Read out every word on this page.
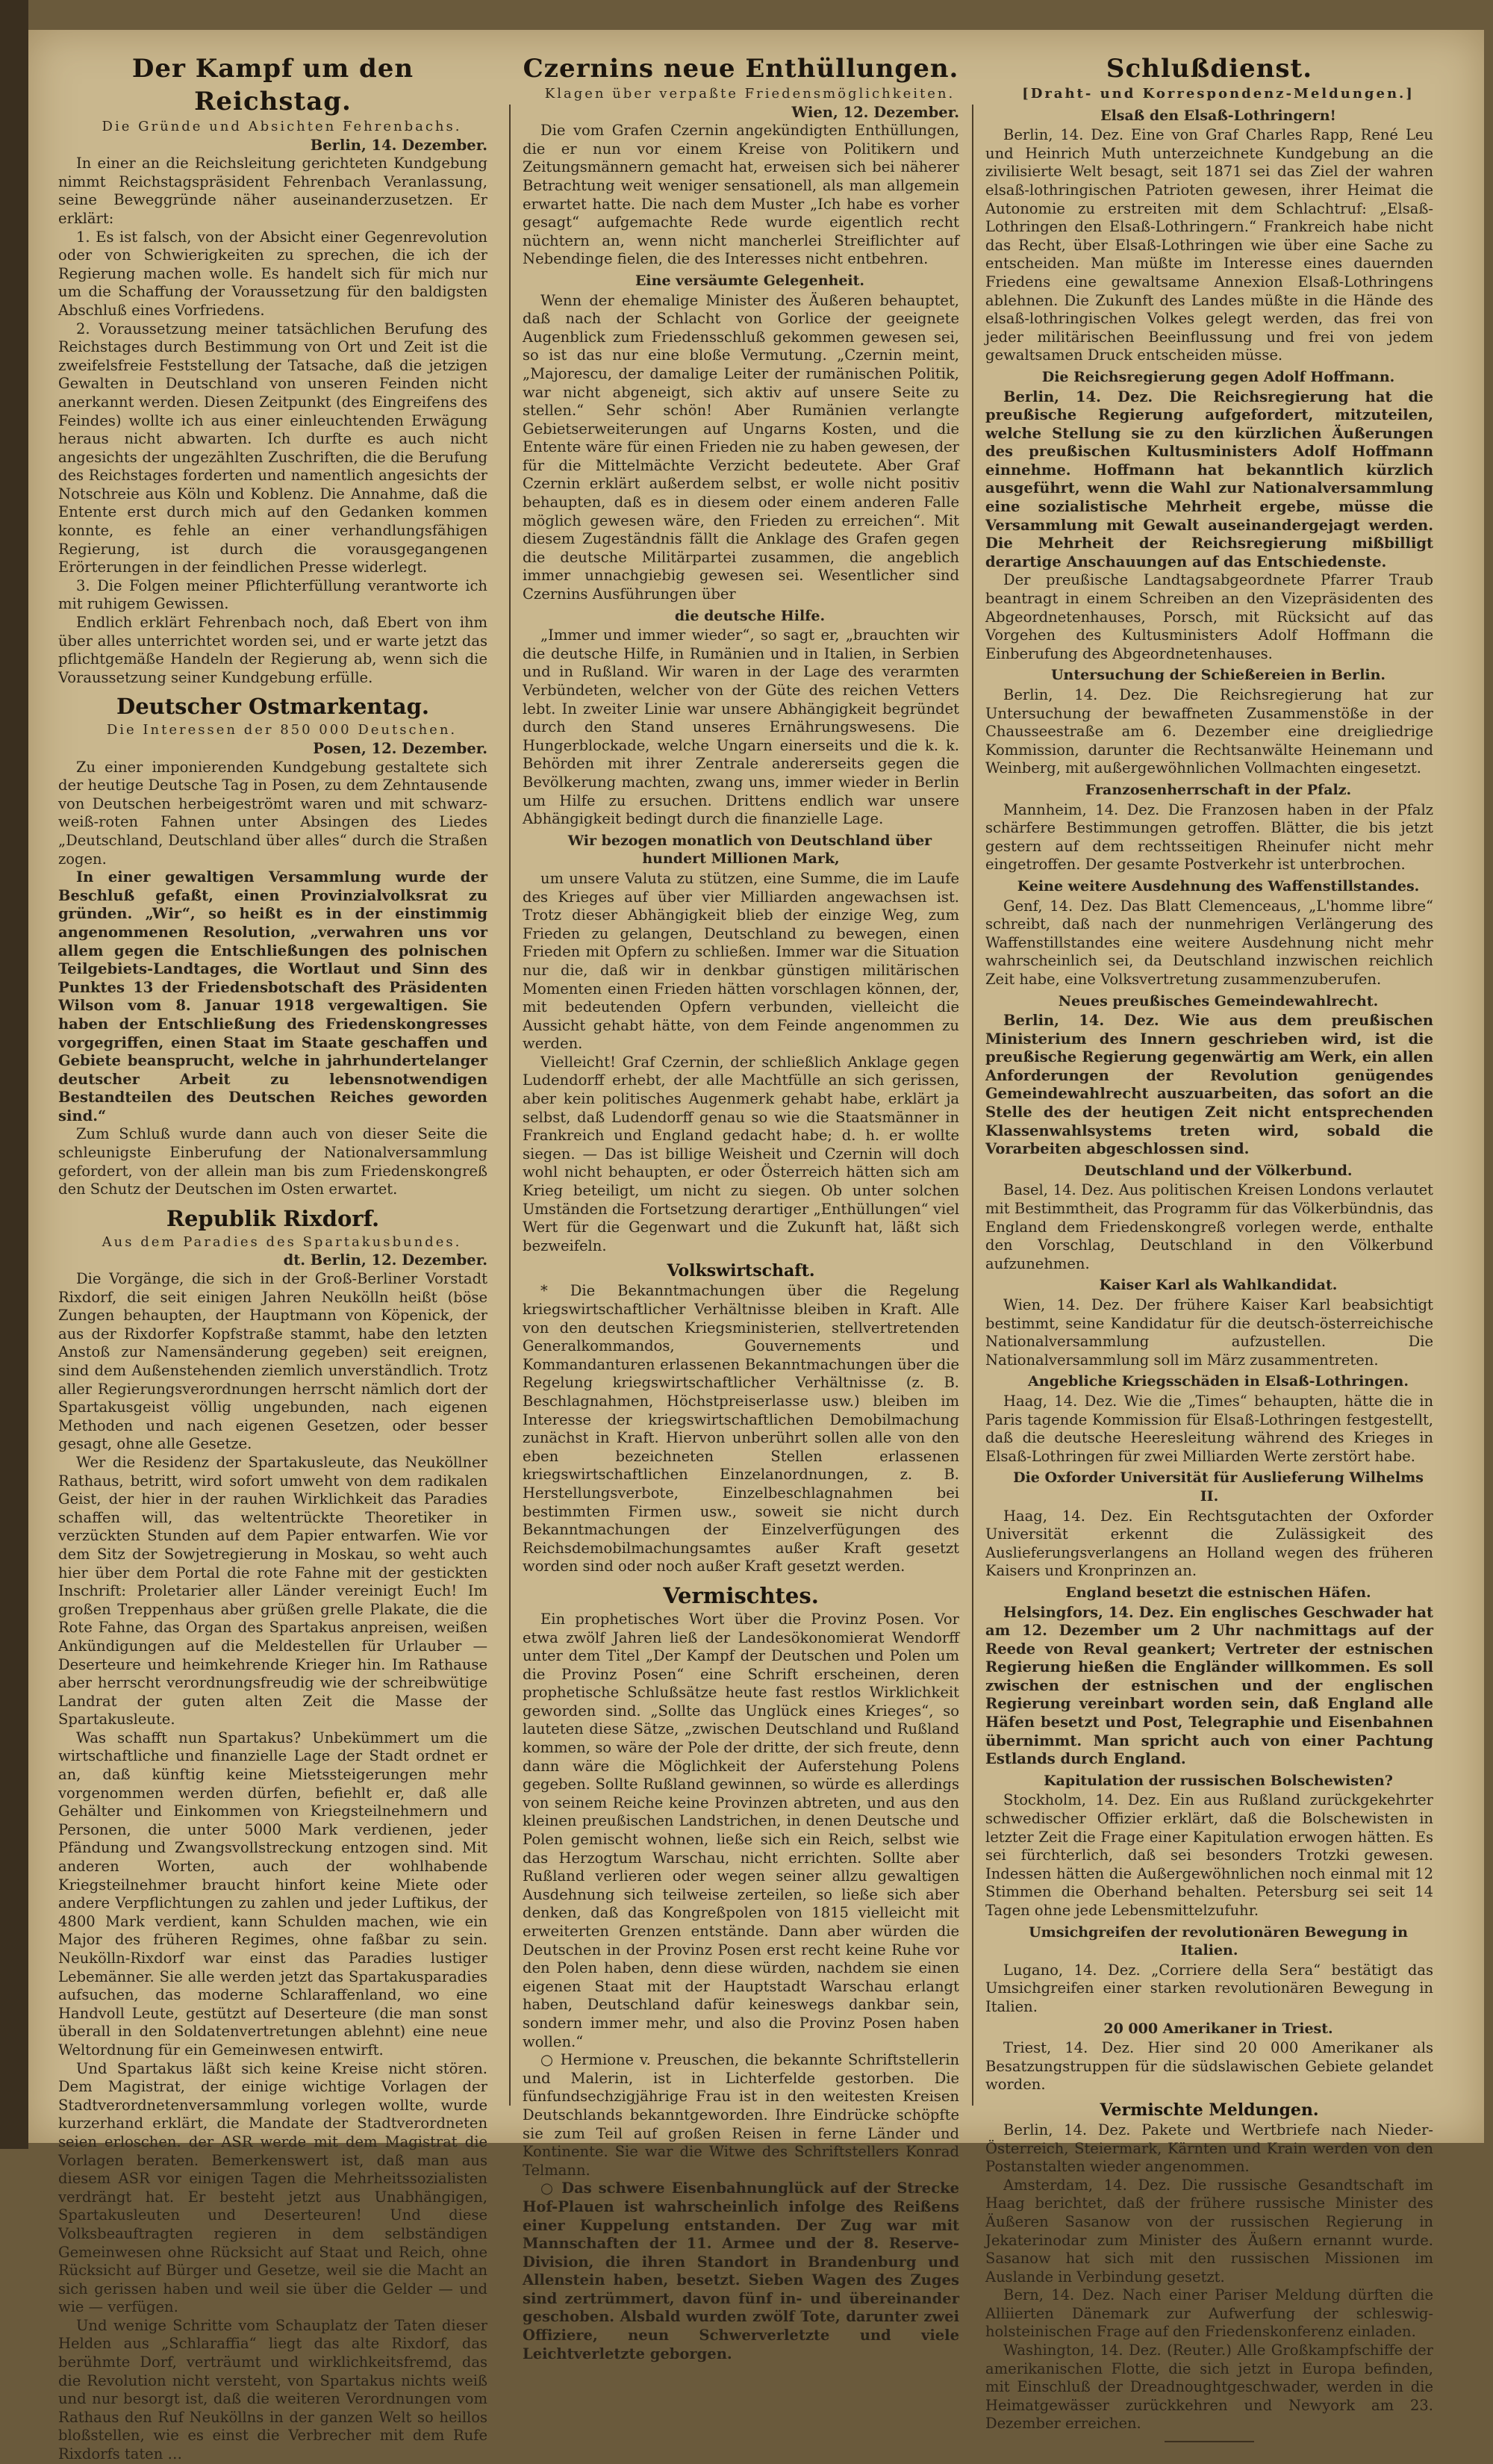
Der Kampf um den Reichstag.

Die Gründe und Absichten Fehrenbachs.

Berlin, 14. Dezember.

In einer an die Reichsleitung gerichteten Kundgebung nimmt Reichstagspräsident Fehrenbach Veranlassung, seine Beweggründe näher auseinanderzusetzen. Er erklärt:

1. Es ist falsch, von der Absicht einer Gegenrevolution oder von Schwierigkeiten zu sprechen, die ich der Regierung machen wolle. Es handelt sich für mich nur um die Schaffung der Voraussetzung für den baldigsten Abschluß eines Vorfriedens.

2. Voraussetzung meiner tatsächlichen Berufung des Reichstages durch Bestimmung von Ort und Zeit ist die zweifelsfreie Feststellung der Tatsache, daß die jetzigen Gewalten in Deutschland von unseren Feinden nicht anerkannt werden. Diesen Zeitpunkt (des Eingreifens des Feindes) wollte ich aus einer einleuchtenden Erwägung heraus nicht abwarten. Ich durfte es auch nicht angesichts der ungezählten Zuschriften, die die Berufung des Reichstages forderten und namentlich angesichts der Notschreie aus Köln und Koblenz. Die Annahme, daß die Entente erst durch mich auf den Gedanken kommen konnte, es fehle an einer verhandlungsfähigen Regierung, ist durch die vorausgegangenen Erörterungen in der feindlichen Presse widerlegt.

3. Die Folgen meiner Pflichterfüllung verantworte ich mit ruhigem Gewissen.

Endlich erklärt Fehrenbach noch, daß Ebert von ihm über alles unterrichtet worden sei, und er warte jetzt das pflichtgemäße Handeln der Regierung ab, wenn sich die Voraussetzung seiner Kundgebung erfülle.

Deutscher Ostmarkentag.

Die Interessen der 850 000 Deutschen.

Posen, 12. Dezember.

Zu einer imponierenden Kundgebung gestaltete sich der heutige Deutsche Tag in Posen, zu dem Zehntausende von Deutschen herbeigeströmt waren und mit schwarz-weiß-roten Fahnen unter Absingen des Liedes „Deutschland, Deutschland über alles“ durch die Straßen zogen.

In einer gewaltigen Versammlung wurde der Beschluß gefaßt, einen Provinzialvolksrat zu gründen. „Wir“, so heißt es in der einstimmig angenommenen Resolution, „verwahren uns vor allem gegen die Entschließungen des polnischen Teilgebiets-Landtages, die Wortlaut und Sinn des Punktes 13 der Friedensbotschaft des Präsidenten Wilson vom 8. Januar 1918 vergewaltigen. Sie haben der Entschließung des Friedenskongresses vorgegriffen, einen Staat im Staate geschaffen und Gebiete beansprucht, welche in jahrhundertelanger deutscher Arbeit zu lebensnotwendigen Bestandteilen des Deutschen Reiches geworden sind.“

Zum Schluß wurde dann auch von dieser Seite die schleunigste Einberufung der Nationalversammlung gefordert, von der allein man bis zum Friedenskongreß den Schutz der Deutschen im Osten erwartet.

Republik Rixdorf.

Aus dem Paradies des Spartakusbundes.

dt. Berlin, 12. Dezember.

Die Vorgänge, die sich in der Groß-Berliner Vorstadt Rixdorf, die seit einigen Jahren Neukölln heißt (böse Zungen behaupten, der Hauptmann von Köpenick, der aus der Rixdorfer Kopfstraße stammt, habe den letzten Anstoß zur Namensänderung gegeben) seit ereignen, sind dem Außenstehenden ziemlich unverständlich. Trotz aller Regierungsverordnungen herrscht nämlich dort der Spartakusgeist völlig ungebunden, nach eigenen Methoden und nach eigenen Gesetzen, oder besser gesagt, ohne alle Gesetze.

Wer die Residenz der Spartakusleute, das Neuköllner Rathaus, betritt, wird sofort umweht von dem radikalen Geist, der hier in der rauhen Wirklichkeit das Paradies schaffen will, das weltentrückte Theoretiker in verzückten Stunden auf dem Papier entwarfen. Wie vor dem Sitz der Sowjetregierung in Moskau, so weht auch hier über dem Portal die rote Fahne mit der gestickten Inschrift: Proletarier aller Länder vereinigt Euch! Im großen Treppenhaus aber grüßen grelle Plakate, die die Rote Fahne, das Organ des Spartakus anpreisen, weißen Ankündigungen auf die Meldestellen für Urlauber — Deserteure und heimkehrende Krieger hin. Im Rathause aber herrscht verordnungsfreudig wie der schreibwütige Landrat der guten alten Zeit die Masse der Spartakusleute.

Was schafft nun Spartakus? Unbekümmert um die wirtschaftliche und finanzielle Lage der Stadt ordnet er an, daß künftig keine Mietssteigerungen mehr vorgenommen werden dürfen, befiehlt er, daß alle Gehälter und Einkommen von Kriegsteilnehmern und Personen, die unter 5000 Mark verdienen, jeder Pfändung und Zwangsvollstreckung entzogen sind. Mit anderen Worten, auch der wohlhabende Kriegsteilnehmer braucht hinfort keine Miete oder andere Verpflichtungen zu zahlen und jeder Luftikus, der 4800 Mark verdient, kann Schulden machen, wie ein Major des früheren Regimes, ohne faßbar zu sein. Neukölln-Rixdorf war einst das Paradies lustiger Lebemänner. Sie alle werden jetzt das Spartakusparadies aufsuchen, das moderne Schlaraffenland, wo eine Handvoll Leute, gestützt auf Deserteure (die man sonst überall in den Soldatenvertretungen ablehnt) eine neue Weltordnung für ein Gemeinwesen entwirft.

Und Spartakus läßt sich keine Kreise nicht stören. Dem Magistrat, der einige wichtige Vorlagen der Stadtverordnetenversammlung vorlegen wollte, wurde kurzerhand erklärt, die Mandate der Stadtverordneten seien erloschen. der ASR werde mit dem Magistrat die Vorlagen beraten. Bemerkenswert ist, daß man aus diesem ASR vor einigen Tagen die Mehrheitssozialisten verdrängt hat. Er besteht jetzt aus Unabhängigen, Spartakusleuten und Deserteuren! Und diese Volksbeauftragten regieren in dem selbständigen Gemeinwesen ohne Rücksicht auf Staat und Reich, ohne Rücksicht auf Bürger und Gesetze, weil sie die Macht an sich gerissen haben und weil sie über die Gelder — und wie — verfügen.

Und wenige Schritte vom Schauplatz der Taten dieser Helden aus „Schlaraffia“ liegt das alte Rixdorf, das berühmte Dorf, verträumt und wirklichkeitsfremd, das die Revolution nicht versteht, von Spartakus nichts weiß und nur besorgt ist, daß die weiteren Verordnungen vom Rathaus den Ruf Neuköllns in der ganzen Welt so heillos bloßstellen, wie es einst die Verbrecher mit dem Rufe Rixdorfs taten …

Czernins neue Enthüllungen.

Klagen über verpaßte Friedensmöglichkeiten.

Wien, 12. Dezember.

Die vom Grafen Czernin angekündigten Enthüllungen, die er nun vor einem Kreise von Politikern und Zeitungsmännern gemacht hat, erweisen sich bei näherer Betrachtung weit weniger sensationell, als man allgemein erwartet hatte. Die nach dem Muster „Ich habe es vorher gesagt“ aufgemachte Rede wurde eigentlich recht nüchtern an, wenn nicht mancherlei Streiflichter auf Nebendinge fielen, die des Interesses nicht entbehren.

Eine versäumte Gelegenheit.

Wenn der ehemalige Minister des Äußeren behauptet, daß nach der Schlacht von Gorlice der geeignete Augenblick zum Friedensschluß gekommen gewesen sei, so ist das nur eine bloße Vermutung. „Czernin meint, „Majorescu, der damalige Leiter der rumänischen Politik, war nicht abgeneigt, sich aktiv auf unsere Seite zu stellen.“ Sehr schön! Aber Rumänien verlangte Gebietserweiterungen auf Ungarns Kosten, und die Entente wäre für einen Frieden nie zu haben gewesen, der für die Mittelmächte Verzicht bedeutete. Aber Graf Czernin erklärt außerdem selbst, er wolle nicht positiv behaupten, daß es in diesem oder einem anderen Falle möglich gewesen wäre, den Frieden zu erreichen“. Mit diesem Zugeständnis fällt die Anklage des Grafen gegen die deutsche Militärpartei zusammen, die angeblich immer unnachgiebig gewesen sei. Wesentlicher sind Czernins Ausführungen über

die deutsche Hilfe.

„Immer und immer wieder“, so sagt er, „brauchten wir die deutsche Hilfe, in Rumänien und in Italien, in Serbien und in Rußland. Wir waren in der Lage des verarmten Verbündeten, welcher von der Güte des reichen Vetters lebt. In zweiter Linie war unsere Abhängigkeit begründet durch den Stand unseres Ernährungswesens. Die Hungerblockade, welche Ungarn einerseits und die k. k. Behörden mit ihrer Zentrale andererseits gegen die Bevölkerung machten, zwang uns, immer wieder in Berlin um Hilfe zu ersuchen. Drittens endlich war unsere Abhängigkeit bedingt durch die finanzielle Lage.

Wir bezogen monatlich von Deutschland über hundert Millionen Mark,

um unsere Valuta zu stützen, eine Summe, die im Laufe des Krieges auf über vier Milliarden angewachsen ist. Trotz dieser Abhängigkeit blieb der einzige Weg, zum Frieden zu gelangen, Deutschland zu bewegen, einen Frieden mit Opfern zu schließen. Immer war die Situation nur die, daß wir in denkbar günstigen militärischen Momenten einen Frieden hätten vorschlagen können, der, mit bedeutenden Opfern verbunden, vielleicht die Aussicht gehabt hätte, von dem Feinde angenommen zu werden.

Vielleicht! Graf Czernin, der schließlich Anklage gegen Ludendorff erhebt, der alle Machtfülle an sich gerissen, aber kein politisches Augenmerk gehabt habe, erklärt ja selbst, daß Ludendorff genau so wie die Staatsmänner in Frankreich und England gedacht habe; d. h. er wollte siegen. — Das ist billige Weisheit und Czernin will doch wohl nicht behaupten, er oder Österreich hätten sich am Krieg beteiligt, um nicht zu siegen. Ob unter solchen Umständen die Fortsetzung derartiger „Enthüllungen“ viel Wert für die Gegenwart und die Zukunft hat, läßt sich bezweifeln.

Volkswirtschaft.

* Die Bekanntmachungen über die Regelung kriegswirtschaftlicher Verhältnisse bleiben in Kraft. Alle von den deutschen Kriegsministerien, stellvertretenden Generalkommandos, Gouvernements und Kommandanturen erlassenen Bekanntmachungen über die Regelung kriegswirtschaftlicher Verhältnisse (z. B. Beschlagnahmen, Höchstpreiserlasse usw.) bleiben im Interesse der kriegswirtschaftlichen Demobilmachung zunächst in Kraft. Hiervon unberührt sollen alle von den eben bezeichneten Stellen erlassenen kriegswirtschaftlichen Einzelanordnungen, z. B. Herstellungsverbote, Einzelbeschlagnahmen bei bestimmten Firmen usw., soweit sie nicht durch Bekanntmachungen der Einzelverfügungen des Reichsdemobilmachungsamtes außer Kraft gesetzt worden sind oder noch außer Kraft gesetzt werden.

Vermischtes.

Ein prophetisches Wort über die Provinz Posen. Vor etwa zwölf Jahren ließ der Landesökonomierat Wendorff unter dem Titel „Der Kampf der Deutschen und Polen um die Provinz Posen“ eine Schrift erscheinen, deren prophetische Schlußsätze heute fast restlos Wirklichkeit geworden sind. „Sollte das Unglück eines Krieges“, so lauteten diese Sätze, „zwischen Deutschland und Rußland kommen, so wäre der Pole der dritte, der sich freute, denn dann wäre die Möglichkeit der Auferstehung Polens gegeben. Sollte Rußland gewinnen, so würde es allerdings von seinem Reiche keine Provinzen abtreten, und aus den kleinen preußischen Landstrichen, in denen Deutsche und Polen gemischt wohnen, ließe sich ein Reich, selbst wie das Herzogtum Warschau, nicht errichten. Sollte aber Rußland verlieren oder wegen seiner allzu gewaltigen Ausdehnung sich teilweise zerteilen, so ließe sich aber denken, daß das Kongreßpolen von 1815 vielleicht mit erweiterten Grenzen entstände. Dann aber würden die Deutschen in der Provinz Posen erst recht keine Ruhe vor den Polen haben, denn diese würden, nachdem sie einen eigenen Staat mit der Hauptstadt Warschau erlangt haben, Deutschland dafür keineswegs dankbar sein, sondern immer mehr, und also die Provinz Posen haben wollen.“

○ Hermione v. Preuschen, die bekannte Schriftstellerin und Malerin, ist in Lichterfelde gestorben. Die fünfundsechzigjährige Frau ist in den weitesten Kreisen Deutschlands bekanntgeworden. Ihre Eindrücke schöpfte sie zum Teil auf großen Reisen in ferne Länder und Kontinente. Sie war die Witwe des Schriftstellers Konrad Telmann.

○ Das schwere Eisenbahnunglück auf der Strecke Hof-Plauen ist wahrscheinlich infolge des Reißens einer Kuppelung entstanden. Der Zug war mit Mannschaften der 11. Armee und der 8. Reserve-Division, die ihren Standort in Brandenburg und Allenstein haben, besetzt. Sieben Wagen des Zuges sind zertrümmert, davon fünf in- und übereinander geschoben. Alsbald wurden zwölf Tote, darunter zwei Offiziere, neun Schwerverletzte und viele Leichtverletzte geborgen.

Schlußdienst.

[Draht- und Korrespondenz-Meldungen.]

Elsaß den Elsaß-Lothringern!

Berlin, 14. Dez. Eine von Graf Charles Rapp, René Leu und Heinrich Muth unterzeichnete Kundgebung an die zivilisierte Welt besagt, seit 1871 sei das Ziel der wahren elsaß-lothringischen Patrioten gewesen, ihrer Heimat die Autonomie zu erstreiten mit dem Schlachtruf: „Elsaß-Lothringen den Elsaß-Lothringern.“ Frankreich habe nicht das Recht, über Elsaß-Lothringen wie über eine Sache zu entscheiden. Man müßte im Interesse eines dauernden Friedens eine gewaltsame Annexion Elsaß-Lothringens ablehnen. Die Zukunft des Landes müßte in die Hände des elsaß-lothringischen Volkes gelegt werden, das frei von jeder militärischen Beeinflussung und frei von jedem gewaltsamen Druck entscheiden müsse.

Die Reichsregierung gegen Adolf Hoffmann.

Berlin, 14. Dez. Die Reichsregierung hat die preußische Regierung aufgefordert, mitzuteilen, welche Stellung sie zu den kürzlichen Äußerungen des preußischen Kultusministers Adolf Hoffmann einnehme. Hoffmann hat bekanntlich kürzlich ausgeführt, wenn die Wahl zur Nationalversammlung eine sozialistische Mehrheit ergebe, müsse die Versammlung mit Gewalt auseinandergejagt werden. Die Mehrheit der Reichsregierung mißbilligt derartige Anschauungen auf das Entschiedenste.

Der preußische Landtagsabgeordnete Pfarrer Traub beantragt in einem Schreiben an den Vizepräsidenten des Abgeordnetenhauses, Porsch, mit Rücksicht auf das Vorgehen des Kultusministers Adolf Hoffmann die Einberufung des Abgeordnetenhauses.

Untersuchung der Schießereien in Berlin.

Berlin, 14. Dez. Die Reichsregierung hat zur Untersuchung der bewaffneten Zusammenstöße in der Chausseestraße am 6. Dezember eine dreigliedrige Kommission, darunter die Rechtsanwälte Heinemann und Weinberg, mit außergewöhnlichen Vollmachten eingesetzt.

Franzosenherrschaft in der Pfalz.

Mannheim, 14. Dez. Die Franzosen haben in der Pfalz schärfere Bestimmungen getroffen. Blätter, die bis jetzt gestern auf dem rechtsseitigen Rheinufer nicht mehr eingetroffen. Der gesamte Postverkehr ist unterbrochen.

Keine weitere Ausdehnung des Waffenstillstandes.

Genf, 14. Dez. Das Blatt Clemenceaus, „L'homme libre“ schreibt, daß nach der nunmehrigen Verlängerung des Waffenstillstandes eine weitere Ausdehnung nicht mehr wahrscheinlich sei, da Deutschland inzwischen reichlich Zeit habe, eine Volksvertretung zusammenzuberufen.

Neues preußisches Gemeindewahlrecht.

Berlin, 14. Dez. Wie aus dem preußischen Ministerium des Innern geschrieben wird, ist die preußische Regierung gegenwärtig am Werk, ein allen Anforderungen der Revolution genügendes Gemeindewahlrecht auszuarbeiten, das sofort an die Stelle des der heutigen Zeit nicht entsprechenden Klassenwahlsystems treten wird, sobald die Vorarbeiten abgeschlossen sind.

Deutschland und der Völkerbund.

Basel, 14. Dez. Aus politischen Kreisen Londons verlautet mit Bestimmtheit, das Programm für das Völkerbündnis, das England dem Friedenskongreß vorlegen werde, enthalte den Vorschlag, Deutschland in den Völkerbund aufzunehmen.

Kaiser Karl als Wahlkandidat.

Wien, 14. Dez. Der frühere Kaiser Karl beabsichtigt bestimmt, seine Kandidatur für die deutsch-österreichische Nationalversammlung aufzustellen. Die Nationalversammlung soll im März zusammentreten.

Angebliche Kriegsschäden in Elsaß-Lothringen.

Haag, 14. Dez. Wie die „Times“ behaupten, hätte die in Paris tagende Kommission für Elsaß-Lothringen festgestellt, daß die deutsche Heeresleitung während des Krieges in Elsaß-Lothringen für zwei Milliarden Werte zerstört habe.

Die Oxforder Universität für Auslieferung Wilhelms II.

Haag, 14. Dez. Ein Rechtsgutachten der Oxforder Universität erkennt die Zulässigkeit des Auslieferungsverlangens an Holland wegen des früheren Kaisers und Kronprinzen an.

England besetzt die estnischen Häfen.

Helsingfors, 14. Dez. Ein englisches Geschwader hat am 12. Dezember um 2 Uhr nachmittags auf der Reede von Reval geankert; Vertreter der estnischen Regierung hießen die Engländer willkommen. Es soll zwischen der estnischen und der englischen Regierung vereinbart worden sein, daß England alle Häfen besetzt und Post, Telegraphie und Eisenbahnen übernimmt. Man spricht auch von einer Pachtung Estlands durch England.

Kapitulation der russischen Bolschewisten?

Stockholm, 14. Dez. Ein aus Rußland zurückgekehrter schwedischer Offizier erklärt, daß die Bolschewisten in letzter Zeit die Frage einer Kapitulation erwogen hätten. Es sei fürchterlich, daß sei besonders Trotzki gewesen. Indessen hätten die Außergewöhnlichen noch einmal mit 12 Stimmen die Oberhand behalten. Petersburg sei seit 14 Tagen ohne jede Lebensmittelzufuhr.

Umsichgreifen der revolutionären Bewegung in Italien.

Lugano, 14. Dez. „Corriere della Sera“ bestätigt das Umsichgreifen einer starken revolutionären Bewegung in Italien.

20 000 Amerikaner in Triest.

Triest, 14. Dez. Hier sind 20 000 Amerikaner als Besatzungstruppen für die südslawischen Gebiete gelandet worden.

Vermischte Meldungen.

Berlin, 14. Dez. Pakete und Wertbriefe nach Nieder-Österreich, Steiermark, Kärnten und Krain werden von den Postanstalten wieder angenommen.

Amsterdam, 14. Dez. Die russische Gesandtschaft im Haag berichtet, daß der frühere russische Minister des Äußeren Sasanow von der russischen Regierung in Jekaterinodar zum Minister des Äußern ernannt wurde. Sasanow hat sich mit den russischen Missionen im Auslande in Verbindung gesetzt.

Bern, 14. Dez. Nach einer Pariser Meldung dürften die Alliierten Dänemark zur Aufwerfung der schleswig-holsteinischen Frage auf den Friedenskonferenz einladen.

Washington, 14. Dez. (Reuter.) Alle Großkampfschiffe der amerikanischen Flotte, die sich jetzt in Europa befinden, mit Einschluß der Dreadnoughtgeschwader, werden in die Heimatgewässer zurückkehren und Newyork am 23. Dezember erreichen.
